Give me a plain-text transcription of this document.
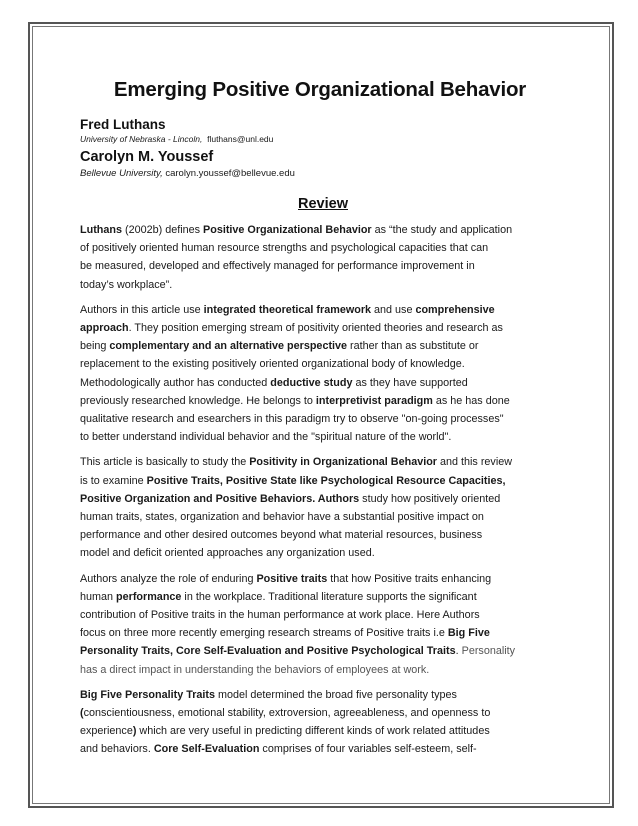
Emerging Positive Organizational Behavior

Fred Luthans

University of Nebraska - Lincoln, fluthans@unl.edu

Carolyn M. Youssef

Bellevue University, carolyn.youssef@bellevue.edu

Review

Luthans (2002b) defines Positive Organizational Behavior as “the study and application
of positively oriented human resource strengths and psychological capacities that can
be measured, developed and effectively managed for performance improvement in
today’s workplace”.

Authors in this article use integrated theoretical framework and use comprehensive
approach. They position emerging stream of positivity oriented theories and research as
being complementary and an alternative perspective rather than as substitute or
replacement to the existing positively oriented organizational body of knowledge.
Methodologically author has conducted deductive study as they have supported
previously researched knowledge. He belongs to interpretivist paradigm as he has done
qualitative research and esearchers in this paradigm try to observe "on-going processes"
to better understand individual behavior and the "spiritual nature of the world".

This article is basically to study the Positivity in Organizational Behavior and this review
is to examine Positive Traits, Positive State like Psychological Resource Capacities,
Positive Organization and Positive Behaviors. Authors study how positively oriented
human traits, states, organization and behavior have a substantial positive impact on
performance and other desired outcomes beyond what material resources, business
model and deficit oriented approaches any organization used.

Authors analyze the role of enduring Positive traits that how Positive traits enhancing
human performance in the workplace. Traditional literature supports the significant
contribution of Positive traits in the human performance at work place. Here Authors
focus on three more recently emerging research streams of Positive traits i.e Big Five
Personality Traits, Core Self-Evaluation and Positive Psychological Traits. Personality
has a direct impact in understanding the behaviors of employees at work.

Big Five Personality Traits model determined the broad five personality types
(conscientiousness, emotional stability, extroversion, agreeableness, and openness to
experience) which are very useful in predicting different kinds of work related attitudes
and behaviors. Core Self-Evaluation comprises of four variables self-esteem, self-
